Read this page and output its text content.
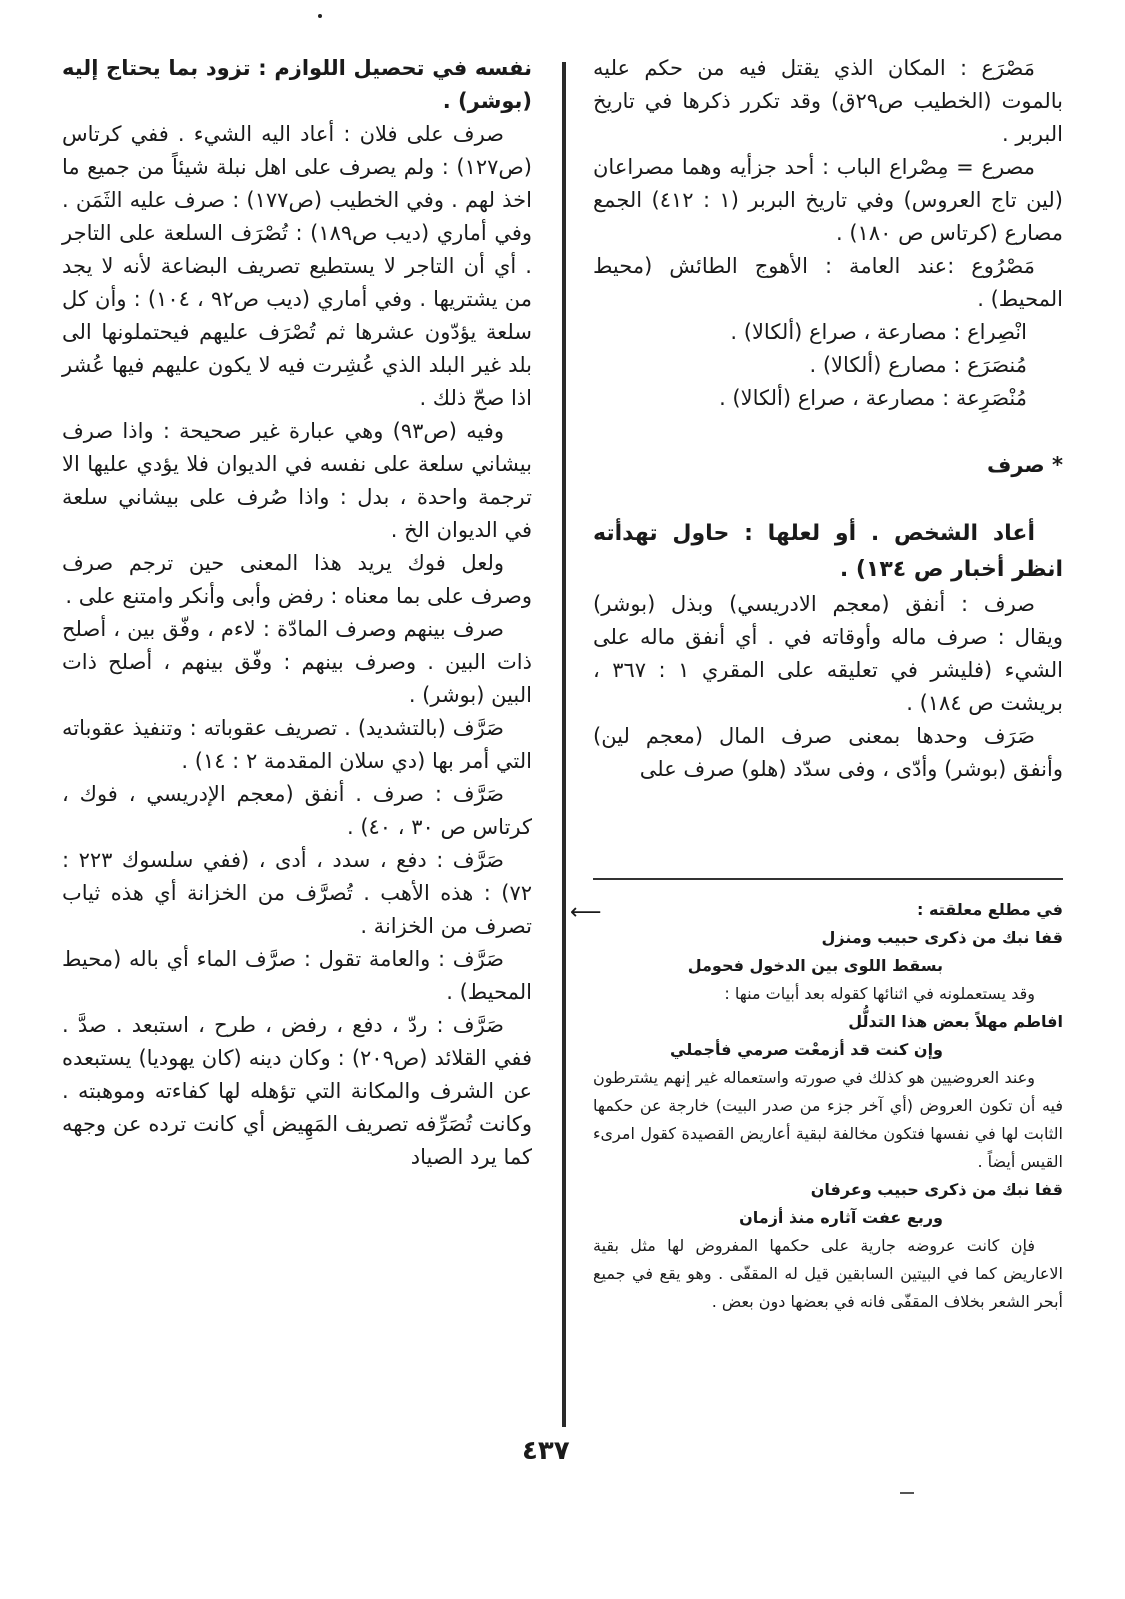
مَصْرَع : المكان الذي يقتل فيه من حكم عليه بالموت (الخطيب ص٢٩ق) وقد تكرر ذكرها في تاريخ البربر .

مصرع = مِصْراع الباب : أحد جزأيه وهما مصراعان (لين تاج العروس) وفي تاريخ البربر (١ : ٤١٢) الجمع مصارع (كرتاس ص ١٨٠) .

مَصْرُوع :عند العامة : الأهوج الطائش (محيط المحيط) .

انْصِراع : مصارعة ، صراع (ألكالا) .

مُنصَرَع : مصارع (ألكالا) .

مُنْصَرِعة : مصارعة ، صراع (ألكالا) .

* صرف

أعاد الشخص . أو لعلها : حاول تهدأته انظر أخبار ص ١٣٤) .

صرف : أنفق (معجم الادريسي) وبذل (بوشر) ويقال : صرف ماله وأوقاته في . أي أنفق ماله على الشيء (فليشر في تعليقه على المقري ١ : ٣٦٧ ، بريشت ص ١٨٤) .

صَرَف وحدها بمعنى صرف المال (معجم لين) وأنفق (بوشر) وأدّى ، وفى سدّد (هلو) صرف على

⟵	في مطلع معلقته :

قفا نبك من ذكرى حبيب ومنزل

بسقط اللوى بين الدخول فحومل

وقد يستعملونه في اثنائها كقوله بعد أبيات منها :

افاطم مهلاً بعض هذا التدلُّل

وإن كنت قد أزمعْت صرمي فأجملي

وعند العروضيين هو كذلك في صورته واستعماله غير إنهم يشترطون فيه أن تكون العروض (أي آخر جزء من صدر البيت) خارجة عن حكمها الثابت لها في نفسها فتكون مخالفة لبقية أعاريض القصيدة كقول امرىء القيس أيضاً .

قفا نبك من ذكرى حبيب وعرفان

وربع عفت آثاره منذ أزمان

فإن كانت عروضه جارية على حكمها المفروض لها مثل بقية الاعاريض كما في البيتين السابقين قيل له المقفّى . وهو يقع في جميع أبحر الشعر بخلاف المقفّى فانه في بعضها دون بعض .

نفسه في تحصيل اللوازم : تزود بما يحتاج إليه (بوشر) .

صرف على فلان : أعاد اليه الشيء . ففي كرتاس (ص١٢٧) : ولم يصرف على اهل نبلة شيئاً من جميع ما اخذ لهم . وفي الخطيب (ص١٧٧) : صرف عليه الثَمَن . وفي أماري (ديب ص١٨٩) : تُصْرَف السلعة على التاجر . أي أن التاجر لا يستطيع تصريف البضاعة لأنه لا يجد من يشتريها . وفي أماري (ديب ص٩٢ ، ١٠٤) : وأن كل سلعة يؤدّون عشرها ثم تُصْرَف عليهم فيحتملونها الى بلد غير البلد الذي عُشِرت فيه لا يكون عليهم فيها عُشر اذا صحّ ذلك .

وفيه (ص٩٣) وهي عبارة غير صحيحة : واذا صرف بيشاني سلعة على نفسه في الديوان فلا يؤدي عليها الا ترجمة واحدة ، بدل : واذا صُرف على بيشاني سلعة في الديوان الخ .

ولعل فوك يريد هذا المعنى حين ترجم صرف وصرف على بما معناه : رفض وأبى وأنكر وامتنع على .

صرف بينهم وصرف المادّة : لاءم ، وفّق بين ، أصلح ذات البين . وصرف بينهم : وفّق بينهم ، أصلح ذات البين (بوشر) .

صَرَّف (بالتشديد) . تصريف عقوباته : وتنفيذ عقوباته التي أمر بها (دي سلان المقدمة ٢ : ١٤) .

صَرَّف : صرف . أنفق (معجم الإدريسي ، فوك ، كرتاس ص ٣٠ ، ٤٠) .

صَرَّف : دفع ، سدد ، أدى ، (ففي سلسوك ٢٢٣ : ٧٢) : هذه الأهب . تُصرَّف من الخزانة أي هذه ثياب تصرف من الخزانة .

صَرَّف : والعامة تقول : صرَّف الماء أي باله (محيط المحيط) .

صَرَّف : ردّ ، دفع ، رفض ، طرح ، استبعد . صدَّ . ففي القلائد (ص٢٠٩) : وكان دينه (كان يهوديا) يستبعده عن الشرف والمكانة التي تؤهله لها كفاءته وموهبته . وكانت تُصَرِّفه تصريف المَهِيض أي كانت ترده عن وجهه كما يرد الصياد

٤٣٧
